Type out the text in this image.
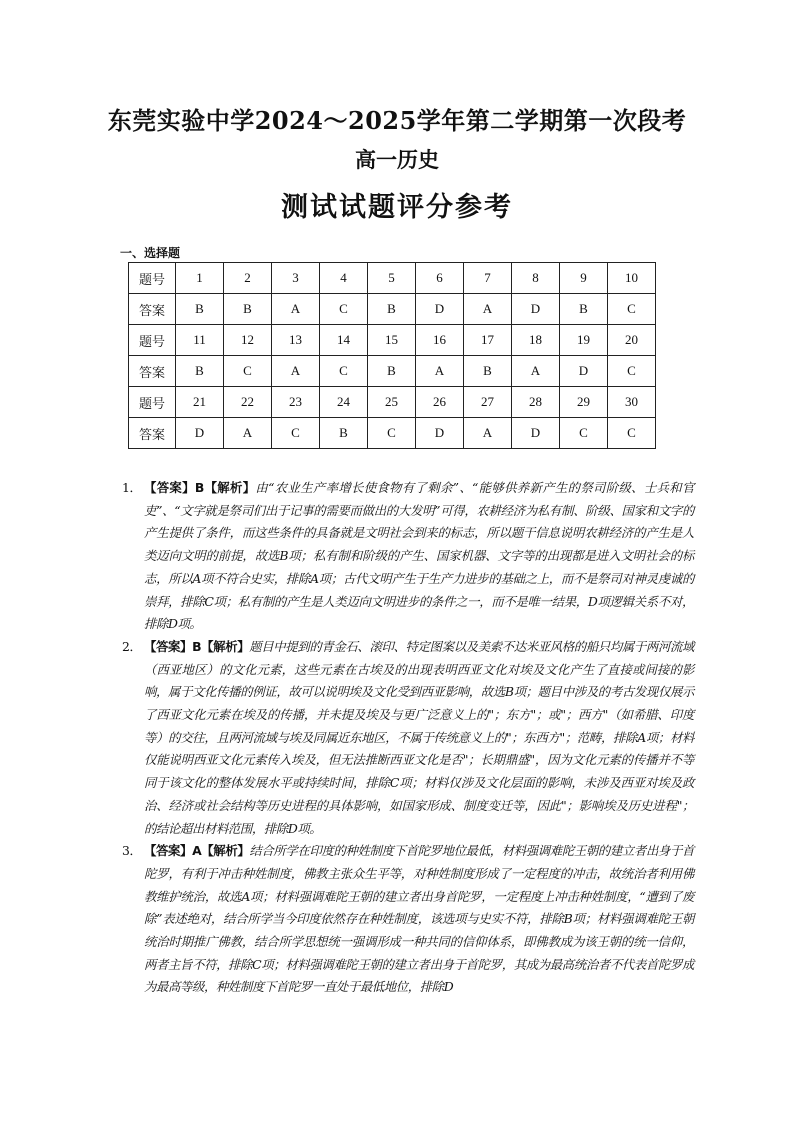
东莞实验中学2024～2025学年第二学期第一次段考
高一历史
测试试题评分参考
一、选择题
题号	1	2	3	4	5	6	7	8	9	10
答案	B	B	A	C	B	D	A	D	B	C
题号	11	12	13	14	15	16	17	18	19	20
答案	B	C	A	C	B	A	B	A	D	C
题号	21	22	23	24	25	26	27	28	29	30
答案	D	A	C	B	C	D	A	D	C	C
1． 【答案】B【解析】由“农业生产率增长使食物有了剩余”、“能够供养新产生的祭司阶级、士兵和官吏”、“文字就是祭司们出于记事的需要而做出的大发明”可得，农耕经济为私有制、阶级、国家和文字的产生提供了条件，而这些条件的具备就是文明社会到来的标志，所以题干信息说明农耕经济的产生是人类迈向文明的前提，故选B项；私有制和阶级的产生、国家机器、文字等的出现都是进入文明社会的标志，所以A项不符合史实，排除A项；古代文明产生于生产力进步的基础之上，而不是祭司对神灵虔诚的崇拜，排除C项；私有制的产生是人类迈向文明进步的条件之一，而不是唯一结果，D项逻辑关系不对，排除D项。
2． 【答案】B【解析】题目中提到的青金石、滚印、特定图案以及美索不达米亚风格的船只均属于两河流域（西亚地区）的文化元素，这些元素在古埃及的出现表明西亚文化对埃及文化产生了直接或间接的影响，属于文化传播的例证，故可以说明埃及文化受到西亚影响，故选B项；题目中涉及的考古发现仅展示了西亚文化元素在埃及的传播，并未提及埃及与更广泛意义上的"；东方"；或"；西方"（如希腊、印度等）的交往，且两河流域与埃及同属近东地区，不属于传统意义上的"；东西方"；范畴，排除A项；材料仅能说明西亚文化元素传入埃及，但无法推断西亚文化是否"；长期鼎盛"，因为文化元素的传播并不等同于该文化的整体发展水平或持续时间，排除C项；材料仅涉及文化层面的影响，未涉及西亚对埃及政治、经济或社会结构等历史进程的具体影响，如国家形成、制度变迁等，因此"；影响埃及历史进程"；的结论超出材料范围，排除D项。
3． 【答案】A【解析】结合所学在印度的种姓制度下首陀罗地位最低，材料强调难陀王朝的建立者出身于首陀罗，有利于冲击种姓制度，佛教主张众生平等，对种姓制度形成了一定程度的冲击，故统治者利用佛教维护统治，故选A项；材料强调难陀王朝的建立者出身首陀罗，一定程度上冲击种姓制度，“遭到了废除”表述绝对，结合所学当今印度依然存在种姓制度，该选项与史实不符，排除B项；材料强调难陀王朝统治时期推广佛教，结合所学思想统一强调形成一种共同的信仰体系，即佛教成为该王朝的统一信仰，两者主旨不符，排除C项；材料强调难陀王朝的建立者出身于首陀罗，其成为最高统治者不代表首陀罗成为最高等级，种姓制度下首陀罗一直处于最低地位，排除D
